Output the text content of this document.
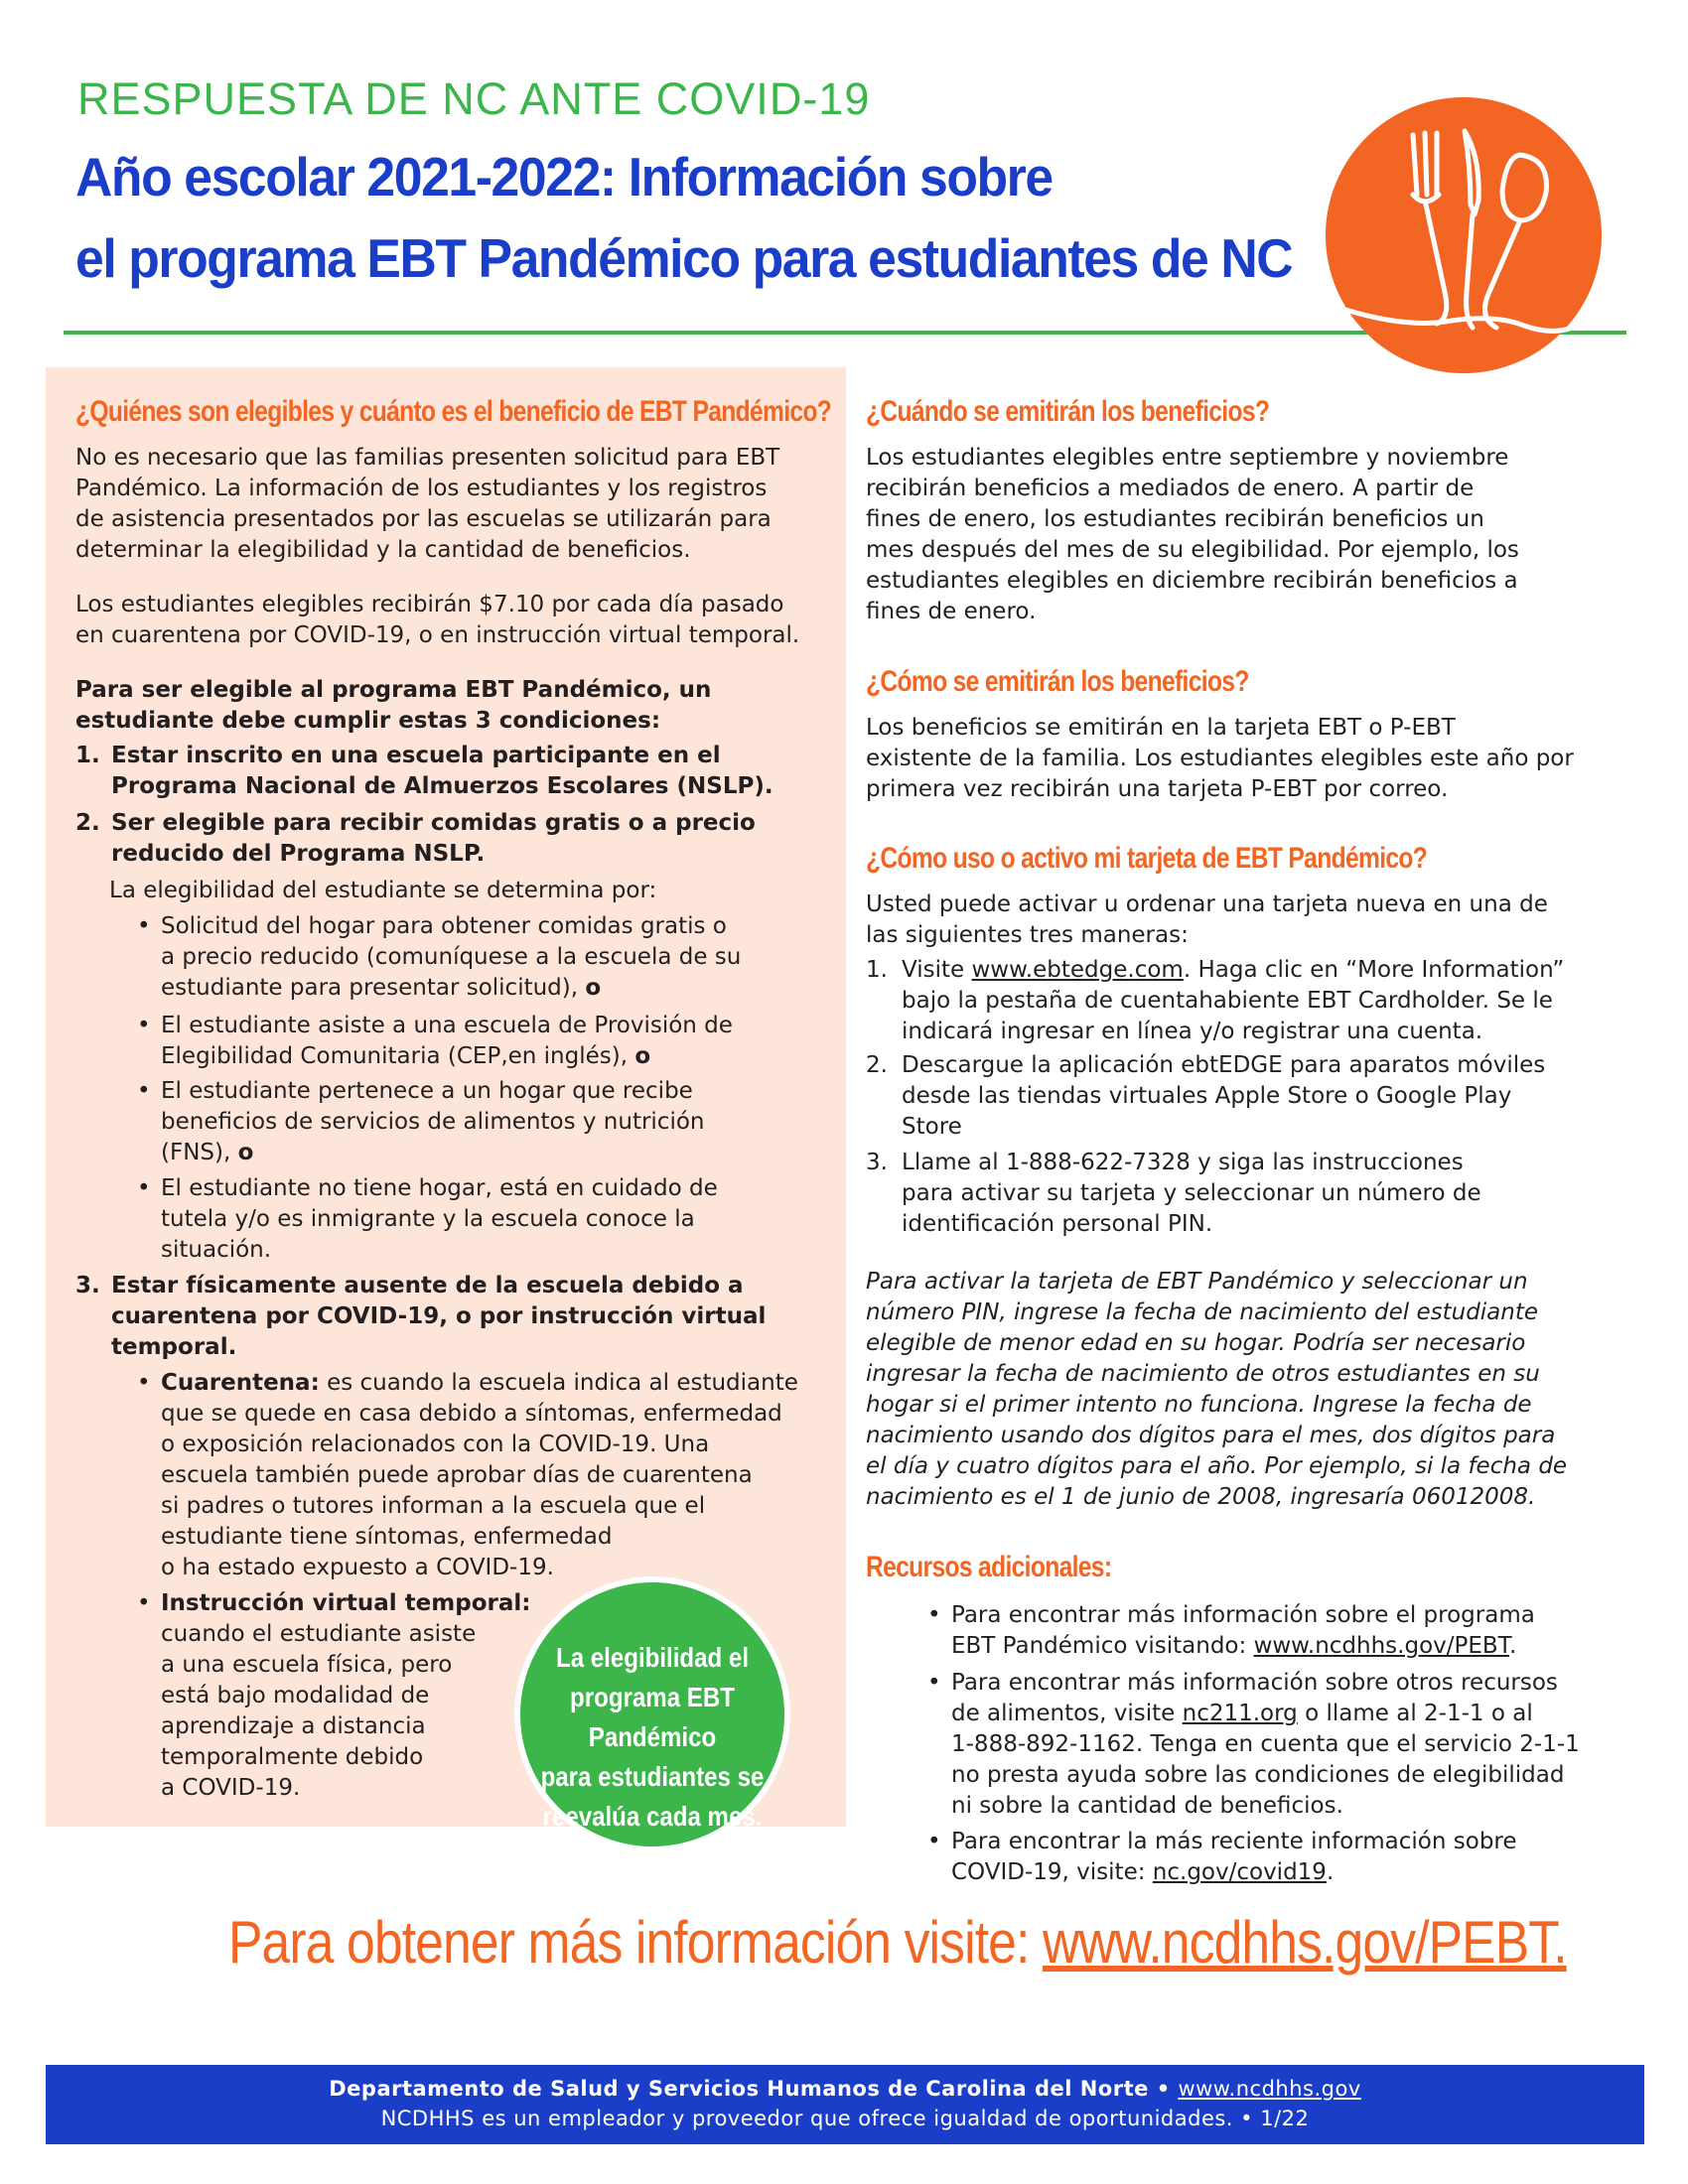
RESPUESTA DE NC ANTE COVID-19
Año escolar 2021-2022: Información sobre
el programa EBT Pandémico para estudiantes de NC
¿Quiénes son elegibles y cuánto es el beneficio de EBT Pandémico?
No es necesario que las familias presenten solicitud para EBT
Pandémico. La información de los estudiantes y los registros
de asistencia presentados por las escuelas se utilizarán para
determinar la elegibilidad y la cantidad de beneficios.
Los estudiantes elegibles recibirán $7.10 por cada día pasado
en cuarentena por COVID-19, o en instrucción virtual temporal.
Para ser elegible al programa EBT Pandémico, un
estudiante debe cumplir estas 3 condiciones:
1. Estar inscrito en una escuela participante en el
Programa Nacional de Almuerzos Escolares (NSLP).
2. Ser elegible para recibir comidas gratis o a precio
reducido del Programa NSLP.
La elegibilidad del estudiante se determina por:
• Solicitud del hogar para obtener comidas gratis o
a precio reducido (comuníquese a la escuela de su
estudiante para presentar solicitud), o
• El estudiante asiste a una escuela de Provisión de
Elegibilidad Comunitaria (CEP,en inglés), o
• El estudiante pertenece a un hogar que recibe
beneficios de servicios de alimentos y nutrición
(FNS), o
• El estudiante no tiene hogar, está en cuidado de
tutela y/o es inmigrante y la escuela conoce la
situación.
3. Estar físicamente ausente de la escuela debido a
cuarentena por COVID-19, o por instrucción virtual
temporal.
• Cuarentena: es cuando la escuela indica al estudiante
que se quede en casa debido a síntomas, enfermedad
o exposición relacionados con la COVID-19. Una
escuela también puede aprobar días de cuarentena
si padres o tutores informan a la escuela que el
estudiante tiene síntomas, enfermedad
o ha estado expuesto a COVID-19.
• Instrucción virtual temporal:
cuando el estudiante asiste
a una escuela física, pero
está bajo modalidad de
aprendizaje a distancia
temporalmente debido
a COVID-19.
La elegibilidad el
programa EBT Pandémico
para estudiantes se
reevalúa cada mes.
¿Cuándo se emitirán los beneficios?
Los estudiantes elegibles entre septiembre y noviembre
recibirán beneficios a mediados de enero. A partir de
fines de enero, los estudiantes recibirán beneficios un
mes después del mes de su elegibilidad. Por ejemplo, los
estudiantes elegibles en diciembre recibirán beneficios a
fines de enero.
¿Cómo se emitirán los beneficios?
Los beneficios se emitirán en la tarjeta EBT o P-EBT
existente de la familia. Los estudiantes elegibles este año por
primera vez recibirán una tarjeta P-EBT por correo.
¿Cómo uso o activo mi tarjeta de EBT Pandémico?
Usted puede activar u ordenar una tarjeta nueva en una de
las siguientes tres maneras:
1. Visite www.ebtedge.com. Haga clic en “More Information”
bajo la pestaña de cuentahabiente EBT Cardholder. Se le
indicará ingresar en línea y/o registrar una cuenta.
2. Descargue la aplicación ebtEDGE para aparatos móviles
desde las tiendas virtuales Apple Store o Google Play
Store
3. Llame al 1-888-622-7328 y siga las instrucciones
para activar su tarjeta y seleccionar un número de
identificación personal PIN.
Para activar la tarjeta de EBT Pandémico y seleccionar un
número PIN, ingrese la fecha de nacimiento del estudiante
elegible de menor edad en su hogar. Podría ser necesario
ingresar la fecha de nacimiento de otros estudiantes en su
hogar si el primer intento no funciona. Ingrese la fecha de
nacimiento usando dos dígitos para el mes, dos dígitos para
el día y cuatro dígitos para el año. Por ejemplo, si la fecha de
nacimiento es el 1 de junio de 2008, ingresaría 06012008.
Recursos adicionales:
• Para encontrar más información sobre el programa
EBT Pandémico visitando: www.ncdhhs.gov/PEBT.
• Para encontrar más información sobre otros recursos
de alimentos, visite nc211.org o llame al 2-1-1 o al
1-888-892-1162. Tenga en cuenta que el servicio 2-1-1
no presta ayuda sobre las condiciones de elegibilidad
ni sobre la cantidad de beneficios.
• Para encontrar la más reciente información sobre
COVID-19, visite: nc.gov/covid19.
Para obtener más información visite: www.ncdhhs.gov/PEBT.
Departamento de Salud y Servicios Humanos de Carolina del Norte • www.ncdhhs.gov
NCDHHS es un empleador y proveedor que ofrece igualdad de oportunidades. • 1/22
